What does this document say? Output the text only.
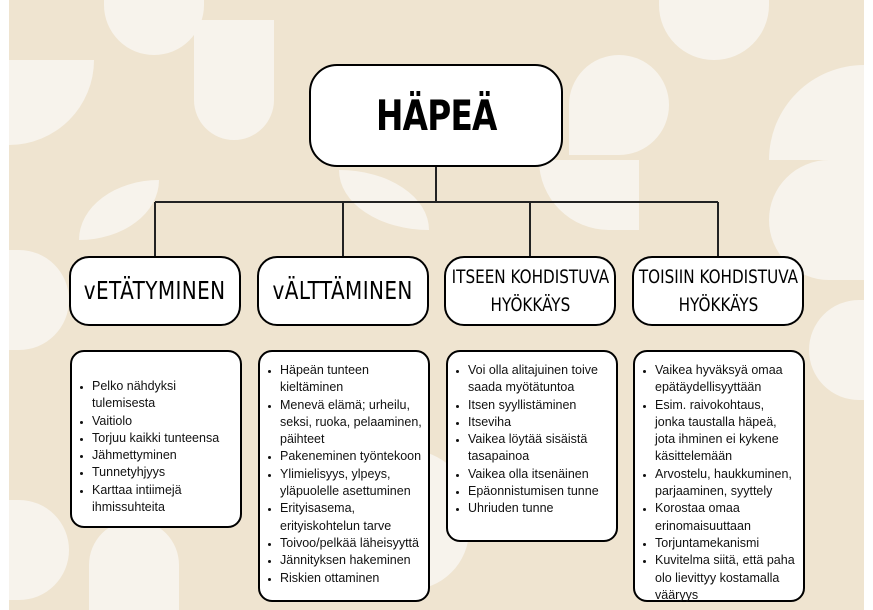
HÄPEÄ
vETÄTYMINEN vÄLTTÄMINEN ITSEEN KOHDISTUVA
HYÖKKÄYS
TOISIIN KOHDISTUVA
HYÖKKÄYS
• Pelko nähdyksi tulemisesta
• Vaitiolo
• Torjuu kaikki tunteensa
• Jähmettyminen
• Tunnetyhjyys
• Karttaa intiimejä ihmissuhteita
• Häpeän tunteen kieltäminen
• Menevä elämä; urheilu, seksi, ruoka, pelaaminen, päihteet
• Pakeneminen työntekoon
• Ylimielisyys, ylpeys, yläpuolelle asettuminen
• Erityisasema, erityiskohtelun tarve
• Toivoo/pelkää läheisyyttä
• Jännityksen hakeminen
• Riskien ottaminen
• Voi olla alitajuinen toive saada myötätuntoa
• Itsen syyllistäminen
• Itseviha
• Vaikea löytää sisäistä tasapainoa
• Vaikea olla itsenäinen
• Epäonnistumisen tunne
• Uhriuden tunne
• Vaikea hyväksyä omaa epätäydellisyyttään
• Esim. raivokohtaus, jonka taustalla häpeä, jota ihminen ei kykene käsittelemään
• Arvostelu, haukkuminen, parjaaminen, syyttely
• Korostaa omaa erinomaisuuttaan
• Torjuntamekanismi
• Kuvitelma siitä, että paha olo lievittyy kostamalla vääryys
